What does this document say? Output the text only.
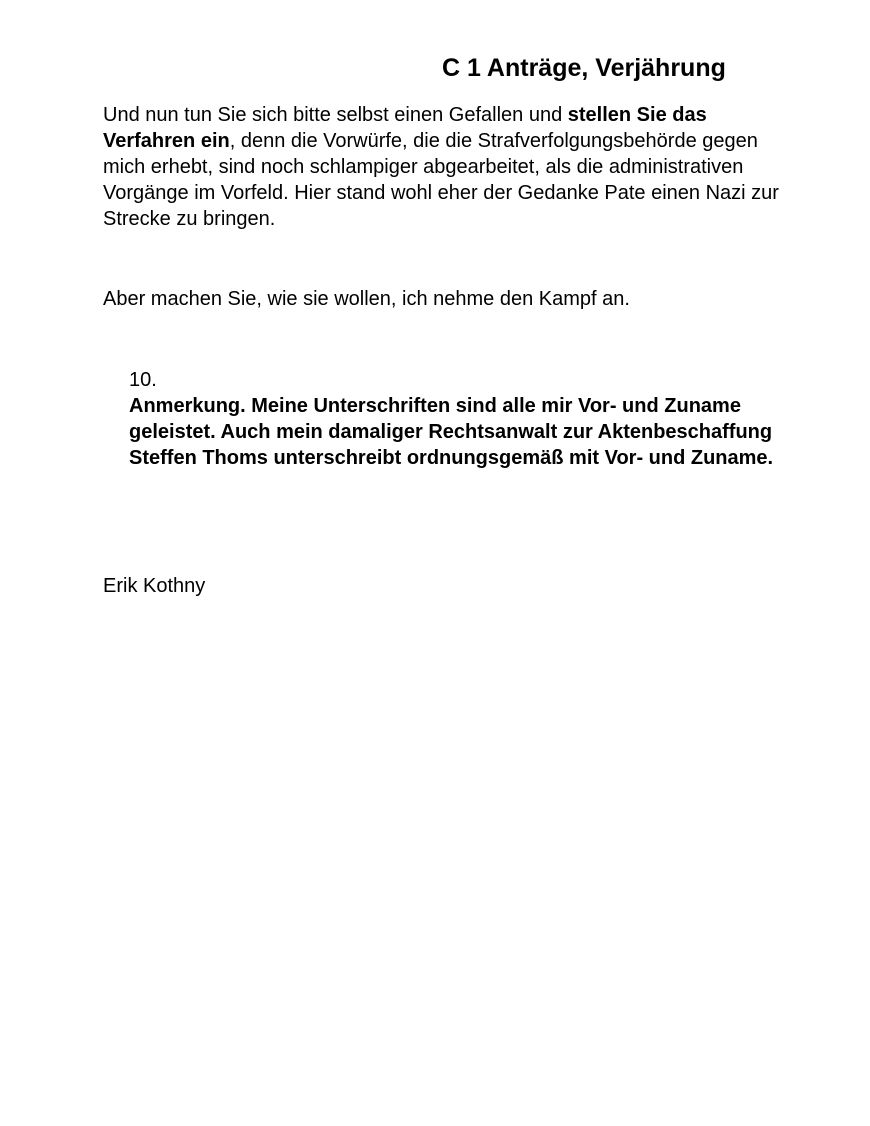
C 1 Anträge, Verjährung
Und nun tun Sie sich bitte selbst einen Gefallen und stellen Sie das Verfahren ein, denn die Vorwürfe, die die Strafverfolgungsbehörde gegen mich erhebt, sind noch schlampiger abgearbeitet, als die administrativen Vorgänge im Vorfeld. Hier stand wohl eher der Gedanke Pate einen Nazi zur Strecke zu bringen.
Aber machen Sie, wie sie wollen, ich nehme den Kampf an.
10.
Anmerkung. Meine Unterschriften sind alle mir Vor- und Zuname geleistet. Auch mein damaliger Rechtsanwalt zur Aktenbeschaffung Steffen Thoms unterschreibt ordnungsgemäß mit Vor- und Zuname.
Erik Kothny
